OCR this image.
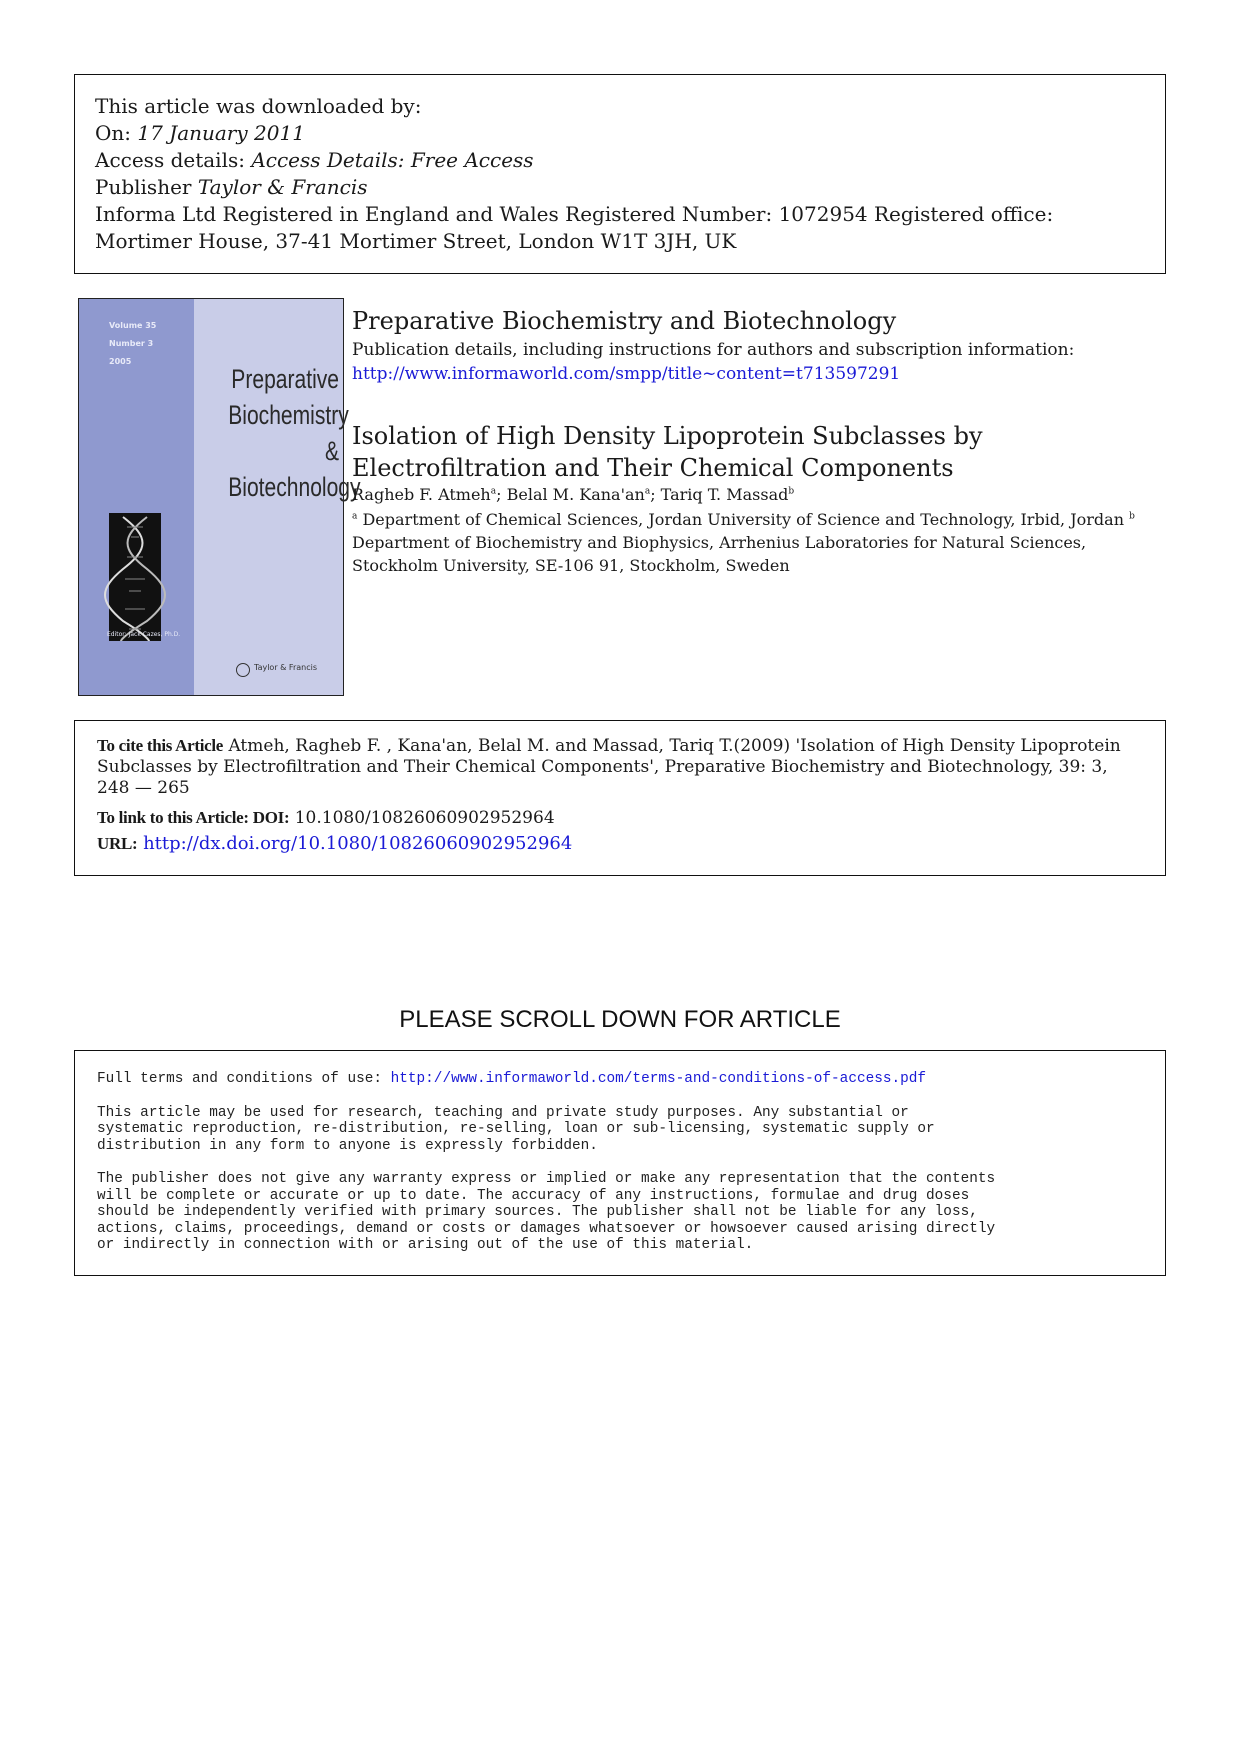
This article was downloaded by:
On: 17 January 2011
Access details: Access Details: Free Access
Publisher Taylor & Francis
Informa Ltd Registered in England and Wales Registered Number: 1072954 Registered office: Mortimer House, 37-41 Mortimer Street, London W1T 3JH, UK
Volume 35
Number 3
2005
Preparative
Biochemistry &
Biotechnology
Editor: Jack Cazes, Ph.D.
Taylor & Francis
Preparative Biochemistry and Biotechnology
Publication details, including instructions for authors and subscription information:
http://www.informaworld.com/smpp/title~content=t713597291
Isolation of High Density Lipoprotein Subclasses by Electrofiltration and Their Chemical Components
Ragheb F. Atmeh$^a$; Belal M. $Kana'an^a$; Tariq T. Massad$^b$
$^a$ Department of Chemical Sciences, Jordan University of Science and Technology, Irbid, Jordan $^b$ Department of Biochemistry and Biophysics, Arrhenius Laboratories for Natural Sciences, Stockholm University, SE-106 91, Stockholm, Sweden
To cite this Article Atmeh, Ragheb F. , Kana'an, Belal M. and Massad, Tariq T.(2009) 'Isolation of High Density Lipoprotein Subclasses by Electrofiltration and Their Chemical Components', Preparative Biochemistry and Biotechnology, 39: 3, 248 — 265
To link to this Article: DOI: 10.1080/10826060902952964
URL: http://dx.doi.org/10.1080/10826060902952964
PLEASE SCROLL DOWN FOR ARTICLE

Full terms and conditions of use: http://www.informaworld.com/terms-and-conditions-of-access.pdf

This article may be used for research, teaching and private study purposes. Any substantial or
systematic reproduction, re-distribution, re-selling, loan or sub-licensing, systematic supply or
distribution in any form to anyone is expressly forbidden.

The publisher does not give any warranty express or implied or make any representation that the contents
will be complete or accurate or up to date. The accuracy of any instructions, formulae and drug doses
should be independently verified with primary sources. The publisher shall not be liable for any loss,
actions, claims, proceedings, demand or costs or damages whatsoever or howsoever caused arising directly
or indirectly in connection with or arising out of the use of this material.
